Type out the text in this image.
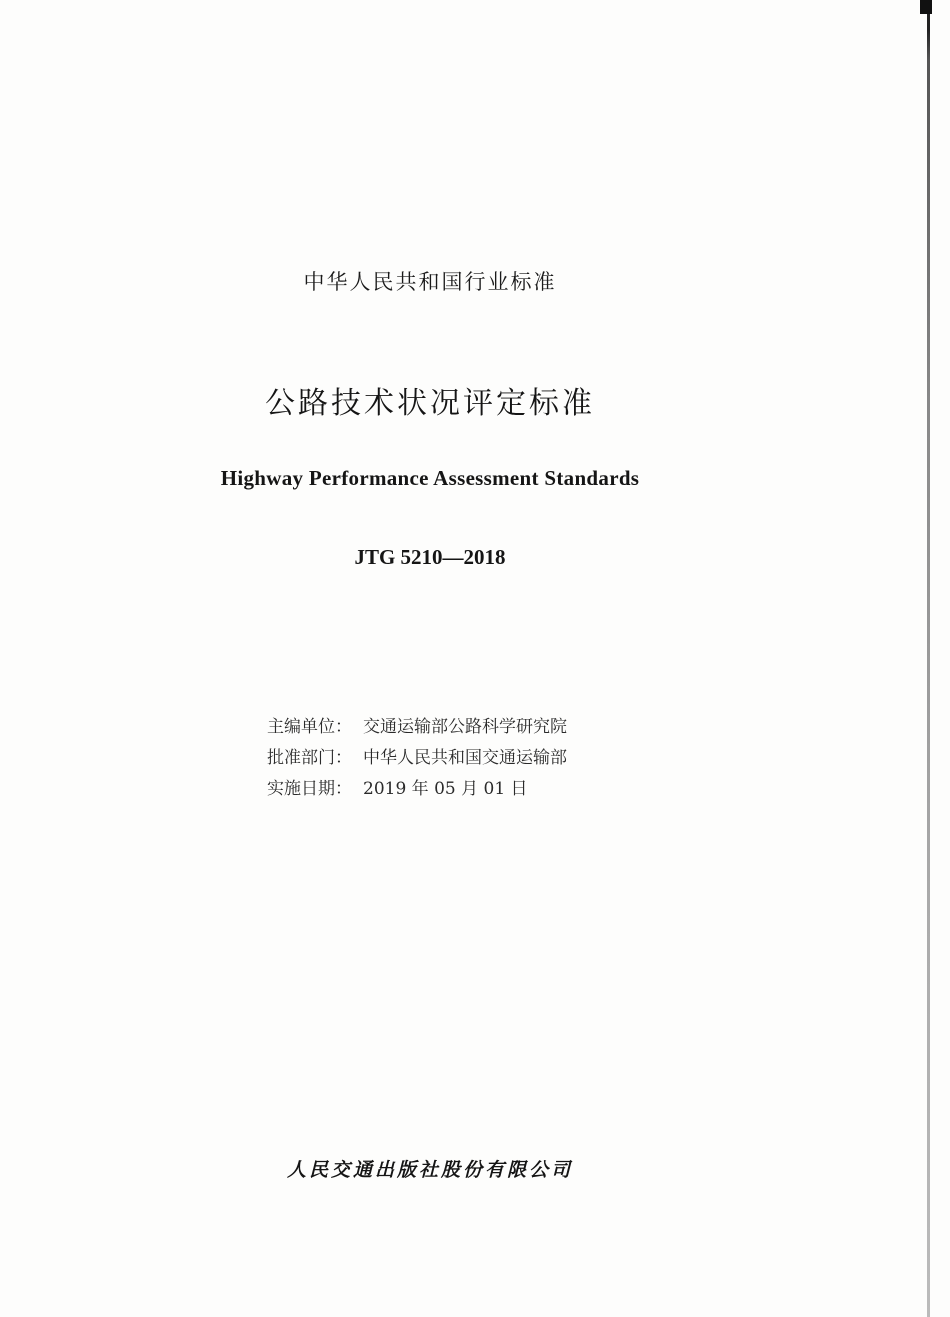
中华人民共和国行业标准
公路技术状况评定标准
Highway Performance Assessment Standards
JTG 5210—2018
主编单位： 交通运输部公路科学研究院
批准部门： 中华人民共和国交通运输部
实施日期： 2019 年 05 月 01 日
人民交通出版社股份有限公司
